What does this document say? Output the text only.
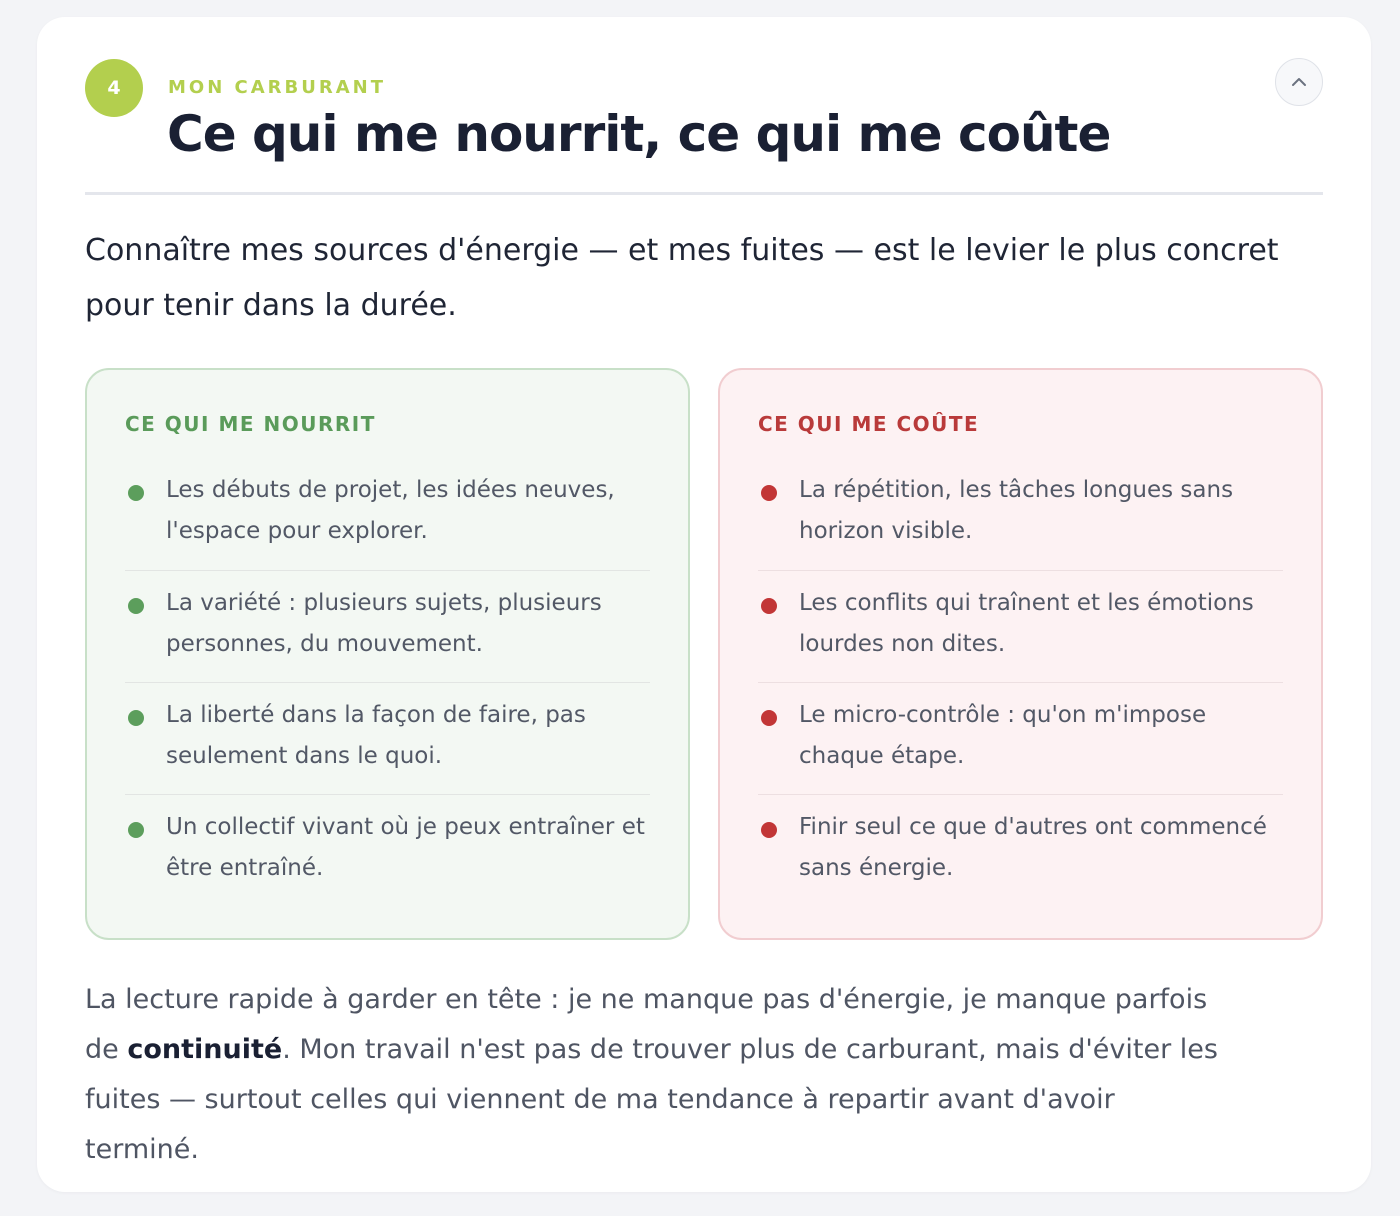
4	MON CARBURANT
Ce qui me nourrit, ce qui me coûte

Connaître mes sources d'énergie — et mes fuites — est le levier le plus concret pour tenir dans la durée.

CE QUI ME NOURRIT
Les débuts de projet, les idées neuves, l'espace pour explorer.
La variété : plusieurs sujets, plusieurs personnes, du mouvement.
La liberté dans la façon de faire, pas seulement dans le quoi.
Un collectif vivant où je peux entraîner et être entraîné.
CE QUI ME COÛTE
La répétition, les tâches longues sans horizon visible.
Les conflits qui traînent et les émotions lourdes non dites.
Le micro-contrôle : qu'on m'impose chaque étape.
Finir seul ce que d'autres ont commencé sans énergie.

La lecture rapide à garder en tête : je ne manque pas d'énergie, je manque parfois de continuité. Mon travail n'est pas de trouver plus de carburant, mais d'éviter les fuites — surtout celles qui viennent de ma tendance à repartir avant d'avoir terminé.
